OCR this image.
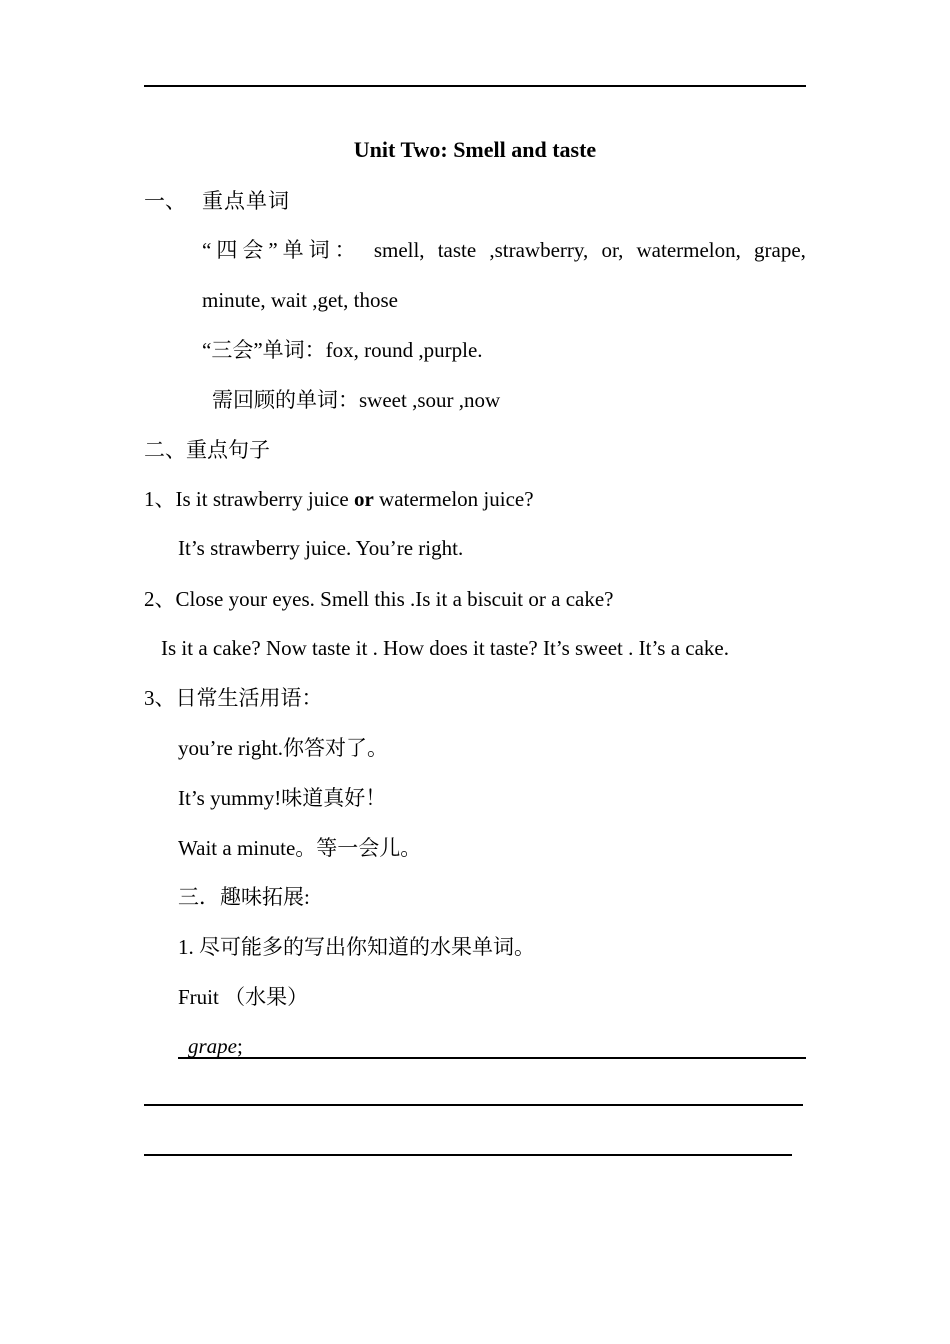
Unit Two: Smell and taste
一、 重点单词
“四会”单词： smell, taste ,strawberry, or, watermelon, grape,
minute, wait ,get, those
“三会”单词：fox, round ,purple.
需回顾的单词：sweet ,sour ,now
二、重点句子
1、Is it strawberry juice or watermelon juice?
It’s strawberry juice. You’re right.
2、Close your eyes. Smell this .Is it a biscuit or a cake?
Is it a cake? Now taste it . How does it taste? It’s sweet . It’s a cake.
3、日常生活用语：
you’re right.你答对了。
It’s yummy!味道真好！
Wait a minute。等一会儿。
三．趣味拓展:
1. 尽可能多的写出你知道的水果单词。
Fruit （水果）
grape;
